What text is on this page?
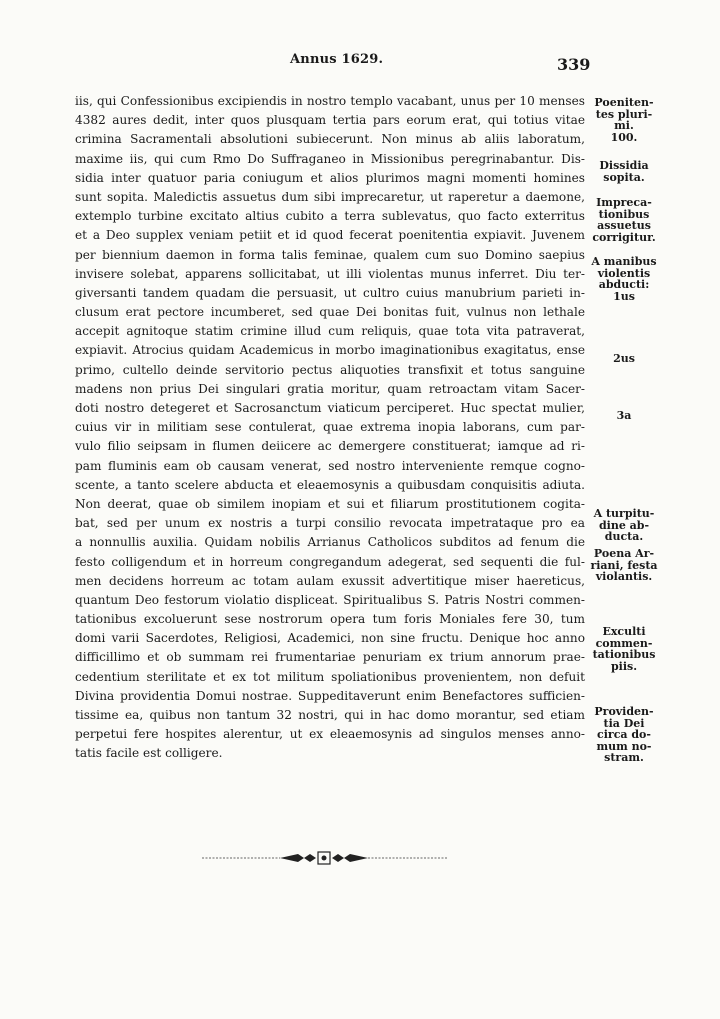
Annus 1629.	339
iis, qui Confessionibus excipiendis in nostro templo vacabant, unus per 10 menses
4382 aures dedit, inter quos plusquam tertia pars eorum erat, qui totius vitae
crimina Sacramentali absolutioni subiecerunt. Non minus ab aliis laboratum,
maxime iis, qui cum Rmo Do Suffraganeo in Missionibus peregrinabantur. Dis-
sidia inter quatuor paria coniugum et alios plurimos magni momenti homines
sunt sopita. Maledictis assuetus dum sibi imprecaretur, ut raperetur a daemone,
extemplo turbine excitato altius cubito a terra sublevatus, quo facto exterritus
et a Deo supplex veniam petiit et id quod fecerat poenitentia expiavit. Juvenem
per biennium daemon in forma talis feminae, qualem cum suo Domino saepius
invisere solebat, apparens sollicitabat, ut illi violentas munus inferret. Diu ter-
giversanti tandem quadam die persuasit, ut cultro cuius manubrium parieti in-
clusum erat pectore incumberet, sed quae Dei bonitas fuit, vulnus non lethale
accepit agnitoque statim crimine illud cum reliquis, quae tota vita patraverat,
expiavit. Atrocius quidam Academicus in morbo imaginationibus exagitatus, ense
primo, cultello deinde servitorio pectus aliquoties transfixit et totus sanguine
madens non prius Dei singulari gratia moritur, quam retroactam vitam Sacer-
doti nostro detegeret et Sacrosanctum viaticum perciperet. Huc spectat mulier,
cuius vir in militiam sese contulerat, quae extrema inopia laborans, cum par-
vulo filio seipsam in flumen deiicere ac demergere constituerat; iamque ad ri-
pam fluminis eam ob causam venerat, sed nostro interveniente remque cogno-
scente, a tanto scelere abducta et eleaemosynis a quibusdam conquisitis adiuta.
Non deerat, quae ob similem inopiam et sui et filiarum prostitutionem cogita-
bat, sed per unum ex nostris a turpi consilio revocata impetrataque pro ea
a nonnullis auxilia. Quidam nobilis Arrianus Catholicos subditos ad fenum die
festo colligendum et in horreum congregandum adegerat, sed sequenti die ful-
men decidens horreum ac totam aulam exussit advertitique miser haereticus,
quantum Deo festorum violatio displiceat. Spiritualibus S. Patris Nostri commen-
tationibus excoluerunt sese nostrorum opera tum foris Moniales fere 30, tum
domi varii Sacerdotes, Religiosi, Academici, non sine fructu. Denique hoc anno
difficillimo et ob summam rei frumentariae penuriam ex trium annorum prae-
cedentium sterilitate et ex tot militum spoliationibus provenientem, non defuit
Divina providentia Domui nostrae. Suppeditaverunt enim Benefactores sufficien-
tissime ea, quibus non tantum 32 nostri, qui in hac domo morantur, sed etiam
perpetui fere hospites alerentur, ut ex eleaemosynis ad singulos menses anno-
tatis facile est colligere.
Poeniten-
tes pluri-
mi.
100.
Dissidia
sopita.
Impreca-
tionibus
assuetus
corrigitur.
A manibus
violentis
abducti:
1us
2us
3a
A turpitu-
dine ab-
ducta.
Poena Ar-
riani, festa
violantis.
Exculti
commen-
tationibus
piis.
Providen-
tia Dei
circa do-
mum no-
stram.
